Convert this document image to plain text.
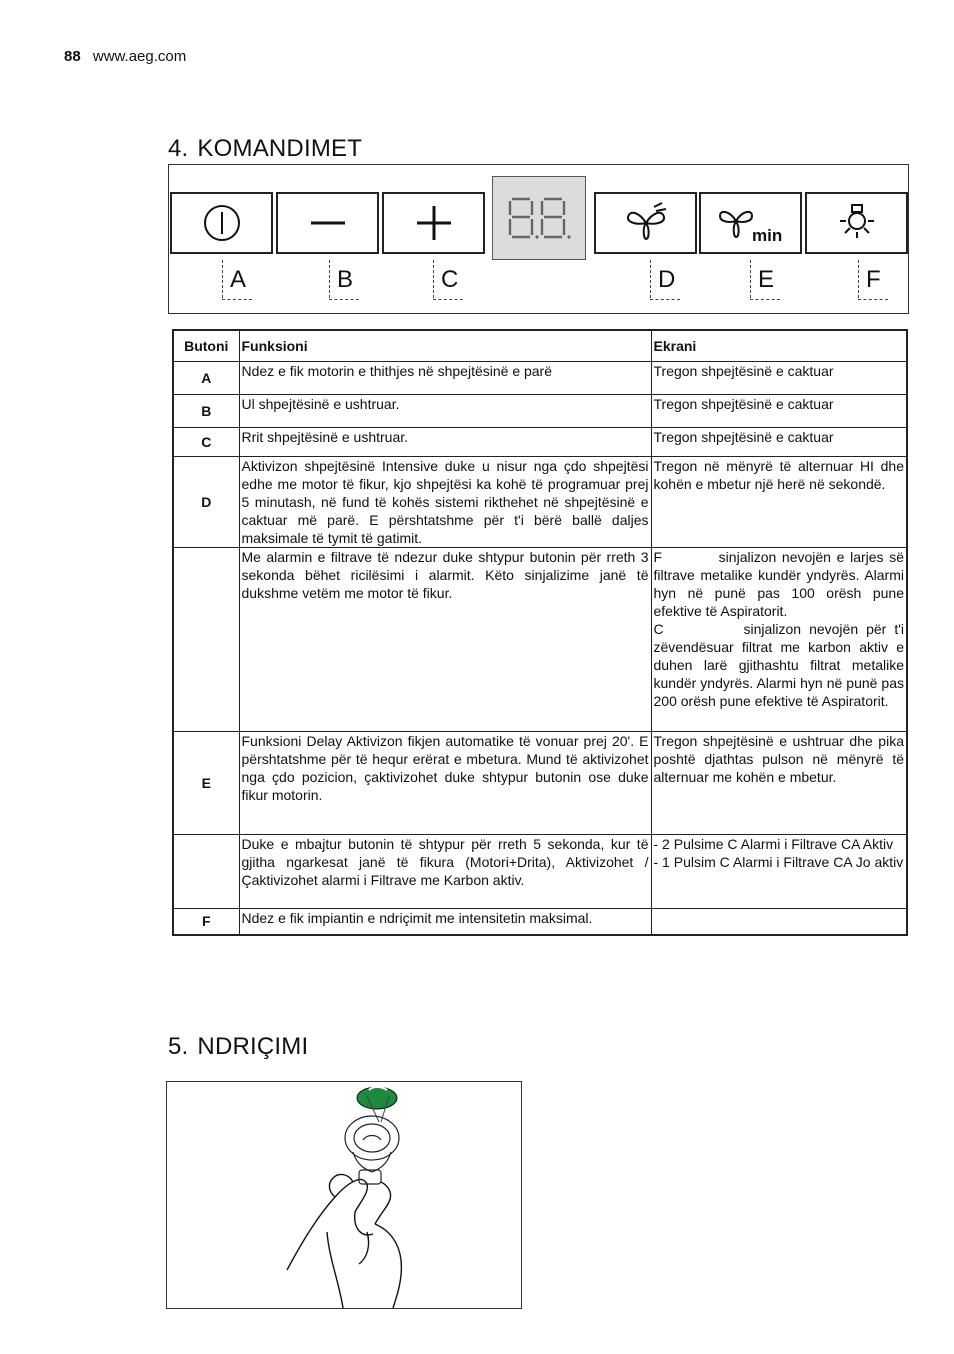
88 www.aeg.com
4. KOMANDIMET
min
A	B	C	D	E	F
Butoni	Funksioni	Ekrani
A	Ndez e fik motorin e thithjes në shpejtësinë e parë	Tregon shpejtësinë e caktuar

B	Ul shpejtësinë e ushtruar.	Tregon shpejtësinë e caktuar

C	Rrit shpejtësinë e ushtruar.	Tregon shpejtësinë e caktuar

D	Aktivizon shpejtësinë Intensive duke u nisur nga çdo shpejtësi edhe me motor të fikur, kjo shpejtësi ka kohë të programuar prej 5 minutash, në fund të kohës sistemi rikthehet në shpejtësinë e caktuar më parë. E përshtatshme për t'i bërë ballë daljes maksimale të tymit të gatimit.	Tregon në mënyrë të alternuar HI dhe kohën e mbetur një herë në sekondë.

	Me alarmin e filtrave të ndezur duke shtypur butonin për rreth 3 sekonda bëhet ricilësimi i alarmit. Këto sinjalizime janë të dukshme vetëm me motor të fikur.	F          sinjalizon nevojën e larjes së filtrave metalike kundër yndyrës. Alarmi hyn në punë pas 100 orësh pune efektive të Aspiratorit.
C          sinjalizon nevojën për t'i zëvendësuar filtrat me karbon aktiv e duhen larë gjithashtu filtrat metalike kundër yndyrës. Alarmi hyn në punë pas 200 orësh pune efektive të Aspiratorit.

E	Funksioni Delay Aktivizon fikjen automatike të vonuar prej 20'. E përshtatshme për të hequr erërat e mbetura. Mund të aktivizohet nga çdo pozicion, çaktivizohet duke shtypur butonin ose duke fikur motorin.	Tregon shpejtësinë e ushtruar dhe pika poshtë djathtas pulson në mënyrë të alternuar me kohën e mbetur.

	Duke e mbajtur butonin të shtypur për rreth 5 sekonda, kur të gjitha ngarkesat janë të fikura (Motori+Drita), Aktivizohet / Çaktivizohet alarmi i Filtrave me Karbon aktiv.	- 2 Pulsime C Alarmi i Filtrave CA Aktiv
- 1 Pulsim C Alarmi i Filtrave CA Jo aktiv

F	Ndez e fik impiantin e ndriçimit me intensitetin maksimal.	
5. NDRIÇIMI
